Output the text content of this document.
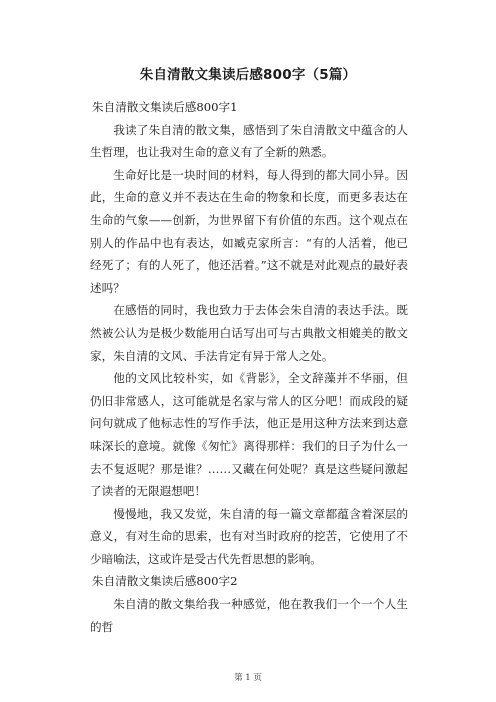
朱自清散文集读后感800字（5篇）

朱自清散文集读后感800字1

我读了朱自清的散文集，感悟到了朱自清散文中蕴含的人生哲理，也让我对生命的意义有了全新的熟悉。

生命好比是一块时间的材料，每人得到的都大同小异。因此，生命的意义并不表达在生命的物象和长度，而更多表达在生命的气象——创新，为世界留下有价值的东西。这个观点在别人的作品中也有表达，如臧克家所言：“有的人活着，他已经死了；有的人死了，他还活着。”这不就是对此观点的最好表述吗？

在感悟的同时，我也致力于去体会朱自清的表达手法。既然被公认为是极少数能用白话写出可与古典散文相媲美的散文家，朱自清的文风、手法肯定有异于常人之处。

他的文风比较朴实，如《背影》，全文辞藻并不华丽，但仍旧非常感人，这可能就是名家与常人的区分吧！而成段的疑问句就成了他标志性的写作手法，他正是用这种方法来到达意味深长的意境。就像《匆忙》离得那样：我们的日子为什么一去不复返呢？那是谁？……又藏在何处呢？真是这些疑问激起了读者的无限遐想吧！

慢慢地，我又发觉，朱自清的每一篇文章都蕴含着深层的意义，有对生命的思索，也有对当时政府的挖苦，它使用了不少暗喻法，这或许是受古代先哲思想的影响。

朱自清散文集读后感800字2

朱自清的散文集给我一种感觉，他在教我们一个一个人生的哲

第 1 页
